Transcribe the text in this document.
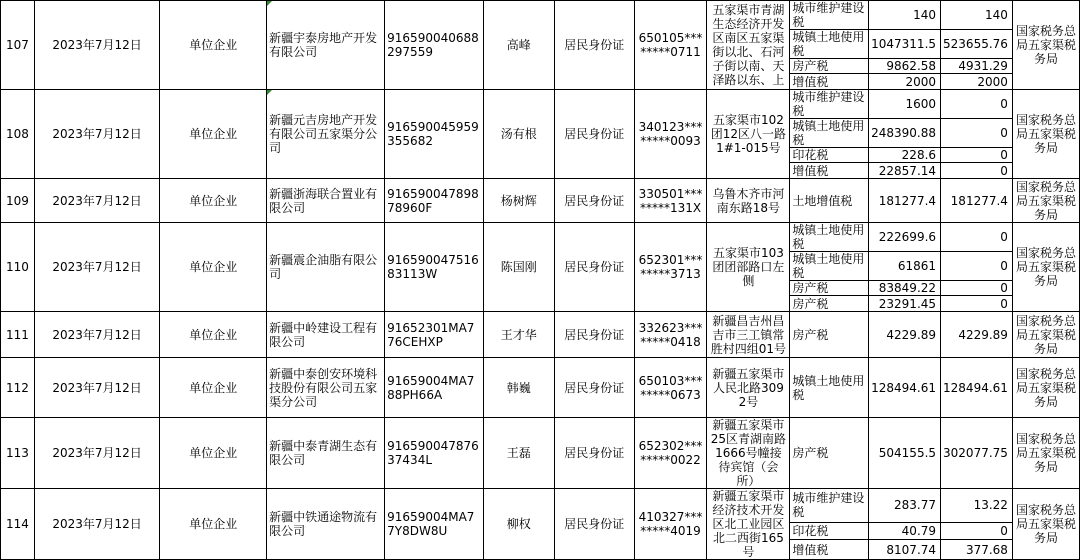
107	2023年7月12日	单位企业	新疆宇泰房地产开发有限公司	916590040688297559	高峰	居民身份证	650105********0711	五家渠市青湖生态经济开发区南区五家渠街以北、石河子街以南、天泽路以东、上	城市维护建设税	140	140	国家税务总局五家渠税务局
									城镇土地使用税	1047311.5	523655.76	
									房产税	9862.58	4931.29	
									增值税	2000	2000	
108	2023年7月12日	单位企业	新疆元吉房地产开发有限公司五家渠分公司	916590045959355682	汤有根	居民身份证	340123********0093	五家渠市102团12区八一路1#1-015号	城市维护建设税	1600	0	国家税务总局五家渠税务局
									城镇土地使用税	248390.88	0	
									印花税	228.6	0	
									增值税	22857.14	0	
109	2023年7月12日	单位企业	新疆浙海联合置业有限公司	91659004789878960F	杨树辉	居民身份证	330501********131X	乌鲁木齐市河南东路18号	土地增值税	181277.4	181277.4	国家税务总局五家渠税务局
110	2023年7月12日	单位企业	新疆震企油脂有限公司	91659004751683113W	陈国刚	居民身份证	652301********3713	五家渠市103团团部路口左侧	城镇土地使用税	222699.6	0	国家税务总局五家渠税务局
									城镇土地使用税	61861	0	
									房产税	83849.22	0	
									房产税	23291.45	0	
111	2023年7月12日	单位企业	新疆中岭建设工程有限公司	91652301MA776CEHXP	王才华	居民身份证	332623********0418	新疆昌吉州昌吉市三工镇常胜村四组01号	房产税	4229.89	4229.89	国家税务总局五家渠税务局
112	2023年7月12日	单位企业	新疆中泰创安环境科技股份有限公司五家渠分公司	91659004MA788PH66A	韩巍	居民身份证	650103********0673	新疆五家渠市人民北路3092号	城镇土地使用税	128494.61	128494.61	国家税务总局五家渠税务局
113	2023年7月12日	单位企业	新疆中泰青湖生态有限公司	91659004787637434L	王磊	居民身份证	652302********0022	新疆五家渠市25区青湖南路1666号幢接待宾馆（会所）	房产税	504155.5	302077.75	国家税务总局五家渠税务局
114	2023年7月12日	单位企业	新疆中铁通途物流有限公司	91659004MA77Y8DW8U	柳权	居民身份证	410327********4019	新疆五家渠市经济技术开发区北工业园区北二西街165号	城市维护建设税	283.77	13.22	国家税务总局五家渠税务局
									印花税	40.79	0	
									增值税	8107.74	377.68	
